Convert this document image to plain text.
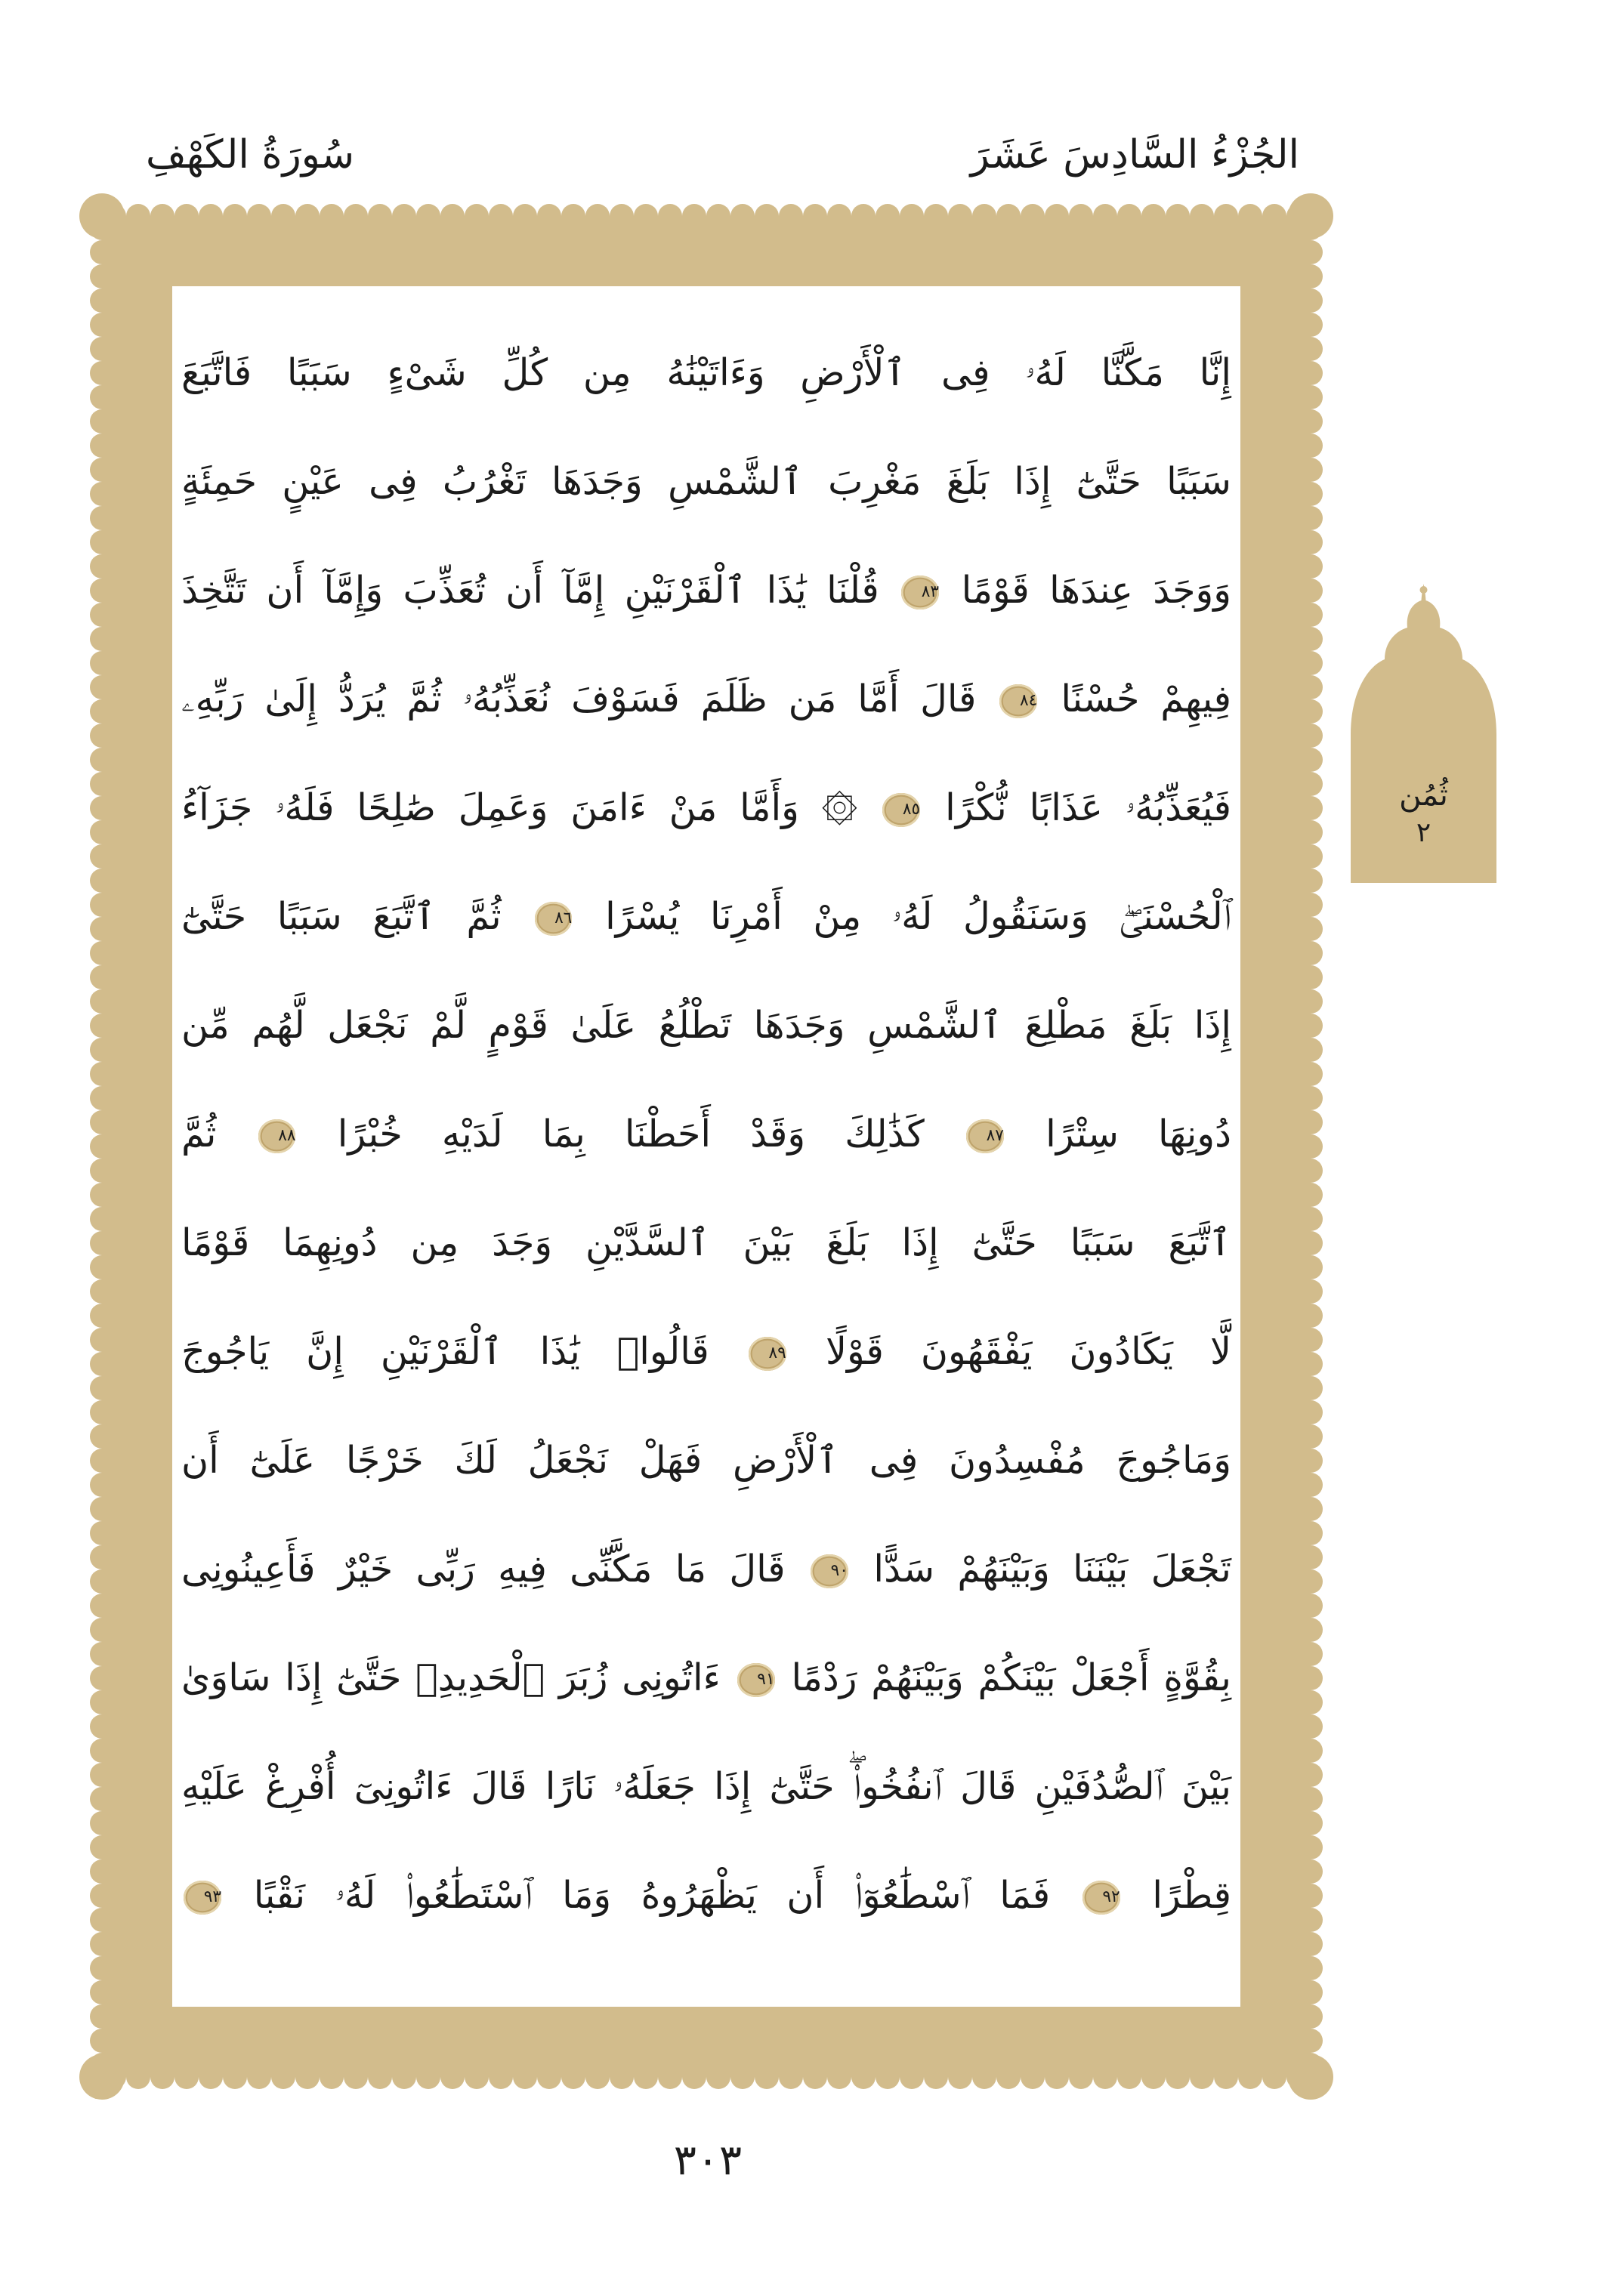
الجُزْءُ السَّادِسَ عَشَرَ
سُورَةُ الكَهْفِ
إِنَّا مَكَّنَّا لَهُۥ فِى ٱلْأَرْضِ وَءَاتَيْنَٰهُ مِن كُلِّ شَىْءٍ سَبَبًا فَاتَّبَعَ
سَبَبًا حَتَّىٰٓ إِذَا بَلَغَ مَغْرِبَ ٱلشَّمْسِ وَجَدَهَا تَغْرُبُ فِى عَيْنٍ حَمِئَةٍ
وَوَجَدَ عِندَهَا قَوْمًا ٨٣ قُلْنَا يَٰذَا ٱلْقَرْنَيْنِ إِمَّآ أَن تُعَذِّبَ وَإِمَّآ أَن تَتَّخِذَ
فِيهِمْ حُسْنًا ٨٤ قَالَ أَمَّا مَن ظَلَمَ فَسَوْفَ نُعَذِّبُهُۥ ثُمَّ يُرَدُّ إِلَىٰ رَبِّهِۦ
فَيُعَذِّبُهُۥ عَذَابًا نُّكْرًا ٨٥ ۞ وَأَمَّا مَنْ ءَامَنَ وَعَمِلَ صَٰلِحًا فَلَهُۥ جَزَآءُ
ٱلْحُسْنَىٰۖ وَسَنَقُولُ لَهُۥ مِنْ أَمْرِنَا يُسْرًا ٨٦ ثُمَّ ٱتَّبَعَ سَبَبًا حَتَّىٰٓ
إِذَا بَلَغَ مَطْلِعَ ٱلشَّمْسِ وَجَدَهَا تَطْلُعُ عَلَىٰ قَوْمٍ لَّمْ نَجْعَل لَّهُم مِّن
دُونِهَا سِتْرًا ٨٧ كَذَٰلِكَ وَقَدْ أَحَطْنَا بِمَا لَدَيْهِ خُبْرًا ٨٨ ثُمَّ
ٱتَّبَعَ سَبَبًا حَتَّىٰٓ إِذَا بَلَغَ بَيْنَ ٱلسَّدَّيْنِ وَجَدَ مِن دُونِهِمَا قَوْمًا
لَّا يَكَادُونَ يَفْقَهُونَ قَوْلًا ٨٩ قَالُوا۟ يَٰذَا ٱلْقَرْنَيْنِ إِنَّ يَاجُوجَ
وَمَاجُوجَ مُفْسِدُونَ فِى ٱلْأَرْضِ فَهَلْ نَجْعَلُ لَكَ خَرْجًا عَلَىٰٓ أَن
تَجْعَلَ بَيْنَنَا وَبَيْنَهُمْ سَدًّا ٩٠ قَالَ مَا مَكَّنِّى فِيهِ رَبِّى خَيْرٌ فَأَعِينُونِى
بِقُوَّةٍ أَجْعَلْ بَيْنَكُمْ وَبَيْنَهُمْ رَدْمًا ٩١ ءَاتُونِى زُبَرَ ٱلْحَدِيدِۖ حَتَّىٰٓ إِذَا سَاوَىٰ
بَيْنَ ٱلصُّدُفَيْنِ قَالَ ٱنفُخُوا۟ۖ حَتَّىٰٓ إِذَا جَعَلَهُۥ نَارًا قَالَ ءَاتُونِىٓ أُفْرِغْ عَلَيْهِ
قِطْرًا ٩٢ فَمَا ٱسْطَٰعُوٓا۟ أَن يَظْهَرُوهُ وَمَا ٱسْتَطَٰعُوا۟ لَهُۥ نَقْبًا ٩٣
ثُمُن
٢
٣٠٣
